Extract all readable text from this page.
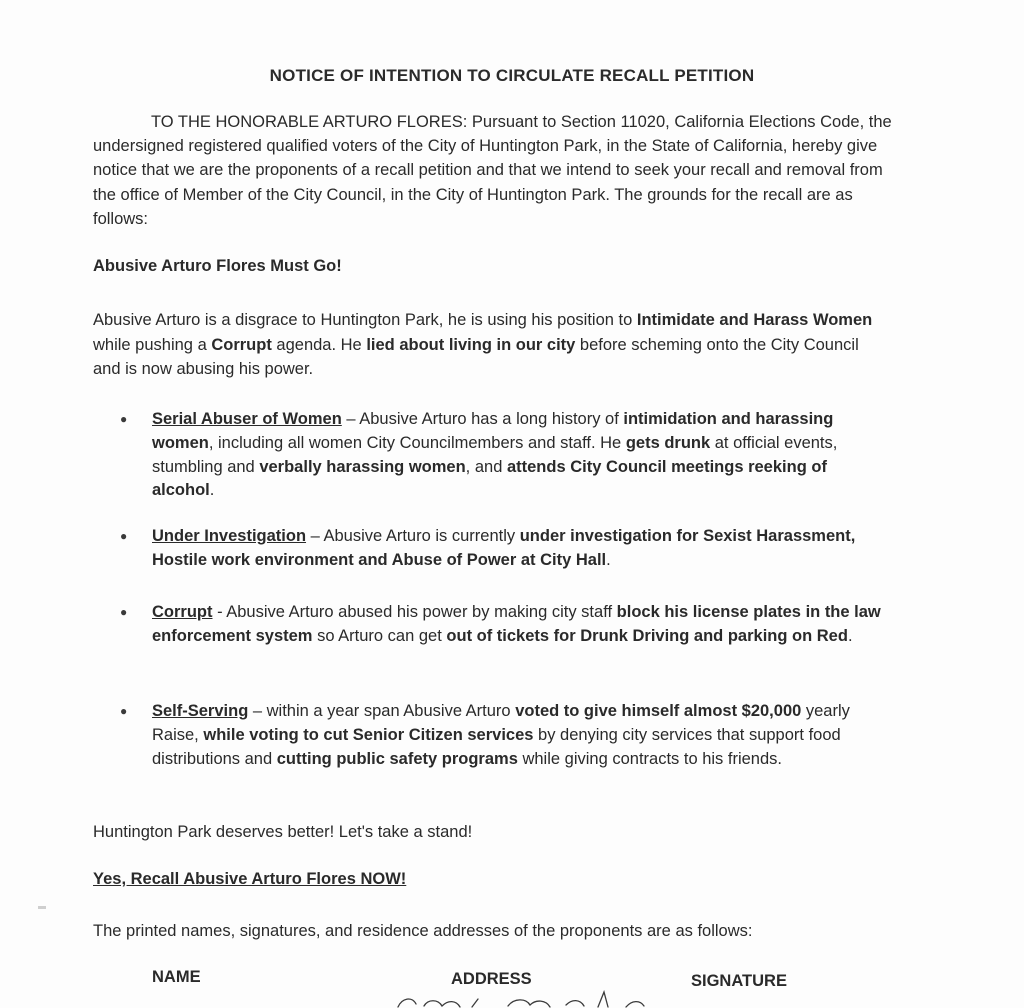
NOTICE OF INTENTION TO CIRCULATE RECALL PETITION

TO THE HONORABLE ARTURO FLORES: Pursuant to Section 11020, California Elections Code, the undersigned registered qualified voters of the City of Huntington Park, in the State of California, hereby give notice that we are the proponents of a recall petition and that we intend to seek your recall and removal from the office of Member of the City Council, in the City of Huntington Park. The grounds for the recall are as follows:

Abusive Arturo Flores Must Go!

Abusive Arturo is a disgrace to Huntington Park, he is using his position to Intimidate and Harass Women while pushing a Corrupt agenda. He lied about living in our city before scheming onto the City Council and is now abusing his power.

●	Serial Abuser of Women – Abusive Arturo has a long history of intimidation and harassing women, including all women City Councilmembers and staff. He gets drunk at official events, stumbling and verbally harassing women, and attends City Council meetings reeking of alcohol.
●	Under Investigation – Abusive Arturo is currently under investigation for Sexist Harassment, Hostile work environment and Abuse of Power at City Hall.
●	Corrupt - Abusive Arturo abused his power by making city staff block his license plates in the law enforcement system so Arturo can get out of tickets for Drunk Driving and parking on Red.
●	Self-Serving – within a year span Abusive Arturo voted to give himself almost $20,000 yearly Raise, while voting to cut Senior Citizen services by denying city services that support food distributions and cutting public safety programs while giving contracts to his friends.

Huntington Park deserves better! Let's take a stand!

Yes, Recall Abusive Arturo Flores NOW!

The printed names, signatures, and residence addresses of the proponents are as follows:

NAME	ADDRESS	SIGNATURE
